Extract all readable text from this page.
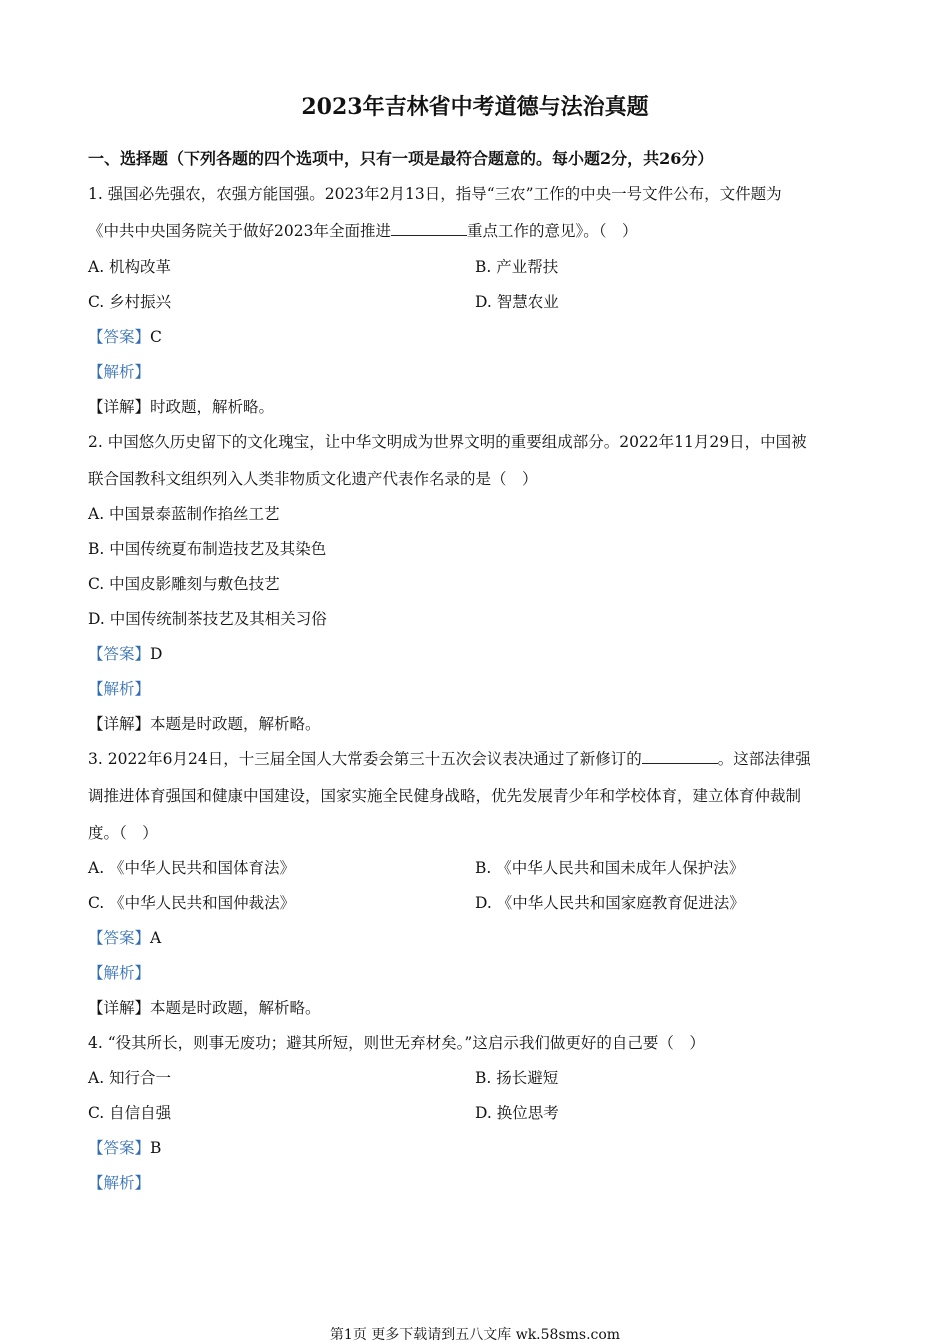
2023年吉林省中考道德与法治真题
一、选择题（下列各题的四个选项中，只有一项是最符合题意的。每小题2分，共26分）
1. 强国必先强农，农强方能国强。2023年2月13日，指导“三农”工作的中央一号文件公布，文件题为
《中共中央国务院关于做好2023年全面推进	重点工作的意见》。（　）
A. 机构改革	B. 产业帮扶
C. 乡村振兴	D. 智慧农业
【答案】C
【解析】
【详解】时政题，解析略。
2. 中国悠久历史留下的文化瑰宝，让中华文明成为世界文明的重要组成部分。2022年11月29日，中国被
联合国教科文组织列入人类非物质文化遗产代表作名录的是（　）
A. 中国景泰蓝制作掐丝工艺
B. 中国传统夏布制造技艺及其染色
C. 中国皮影雕刻与敷色技艺
D. 中国传统制茶技艺及其相关习俗
【答案】D
【解析】
【详解】本题是时政题，解析略。
3. 2022年6月24日，十三届全国人大常委会第三十五次会议表决通过了新修订的	。这部法律强
调推进体育强国和健康中国建设，国家实施全民健身战略，优先发展青少年和学校体育，建立体育仲裁制
度。（　）
A. 《中华人民共和国体育法》	B. 《中华人民共和国未成年人保护法》
C. 《中华人民共和国仲裁法》	D. 《中华人民共和国家庭教育促进法》
【答案】A
【解析】
【详解】本题是时政题，解析略。
4. “役其所长，则事无废功；避其所短，则世无弃材矣。”这启示我们做更好的自己要（　）
A. 知行合一	B. 扬长避短
C. 自信自强	D. 换位思考
【答案】B
【解析】
第1页 更多下载请到五八文库 wk.58sms.com
